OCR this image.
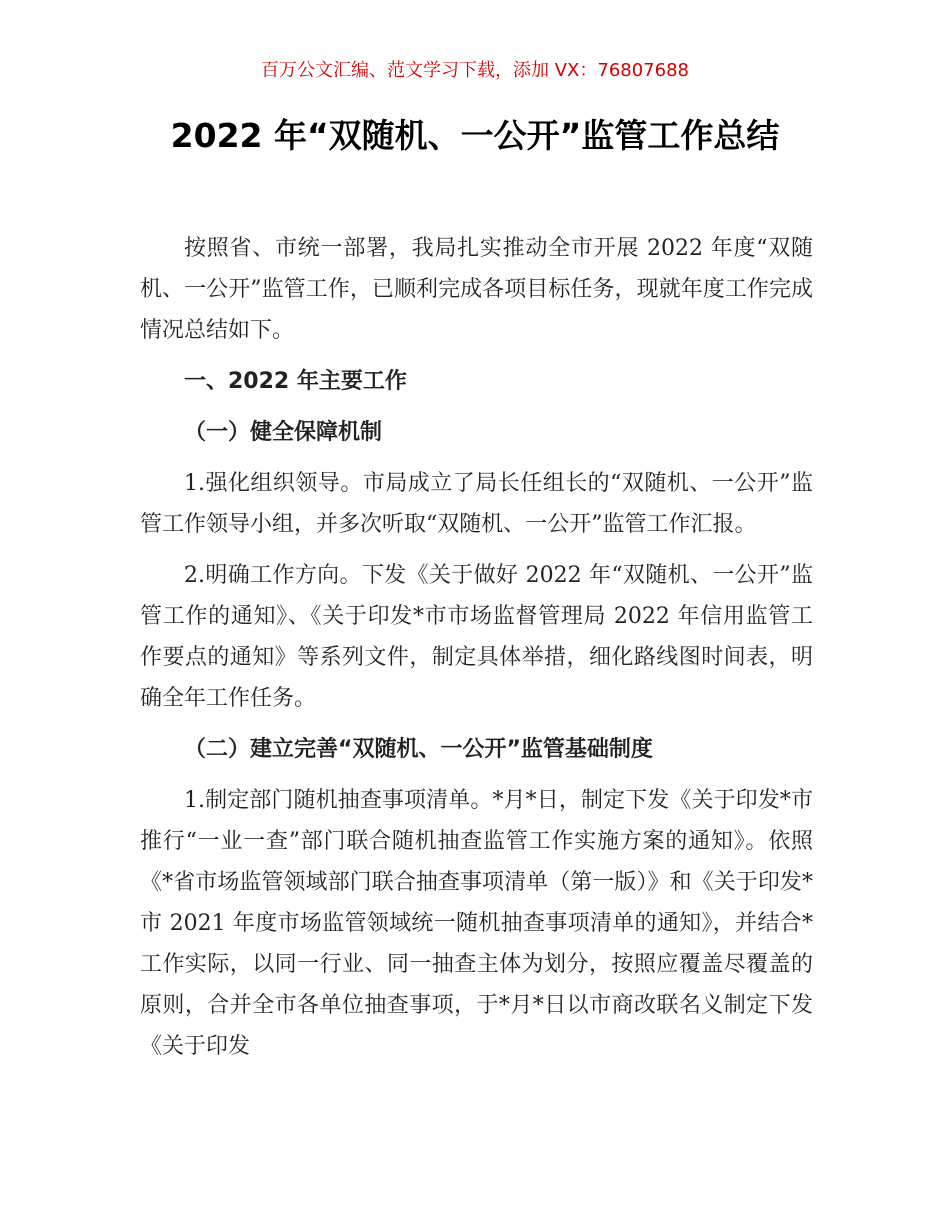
百万公文汇编、范文学习下载，添加 VX：76807688
2022 年“双随机、一公开”监管工作总结

按照省、市统一部署，我局扎实推动全市开展 2022 年度“双随机、一公开”监管工作，已顺利完成各项目标任务，现就年度工作完成情况总结如下。

一、2022 年主要工作

（一）健全保障机制

1.强化组织领导。市局成立了局长任组长的“双随机、一公开”监管工作领导小组，并多次听取“双随机、一公开”监管工作汇报。

2.明确工作方向。下发《关于做好 2022 年“双随机、一公开”监管工作的通知》、《关于印发*市市场监督管理局 2022 年信用监管工作要点的通知》等系列文件，制定具体举措，细化路线图时间表，明确全年工作任务。

（二）建立完善“双随机、一公开”监管基础制度

1.制定部门随机抽查事项清单。*月*日，制定下发《关于印发*市推行“一业一查”部门联合随机抽查监管工作实施方案的通知》。依照《*省市场监管领域部门联合抽查事项清单（第一版）》和《关于印发*市 2021 年度市场监管领域统一随机抽查事项清单的通知》，并结合*工作实际，以同一行业、同一抽查主体为划分，按照应覆盖尽覆盖的原则，合并全市各单位抽查事项，于*月*日以市商改联名义制定下发《关于印发
